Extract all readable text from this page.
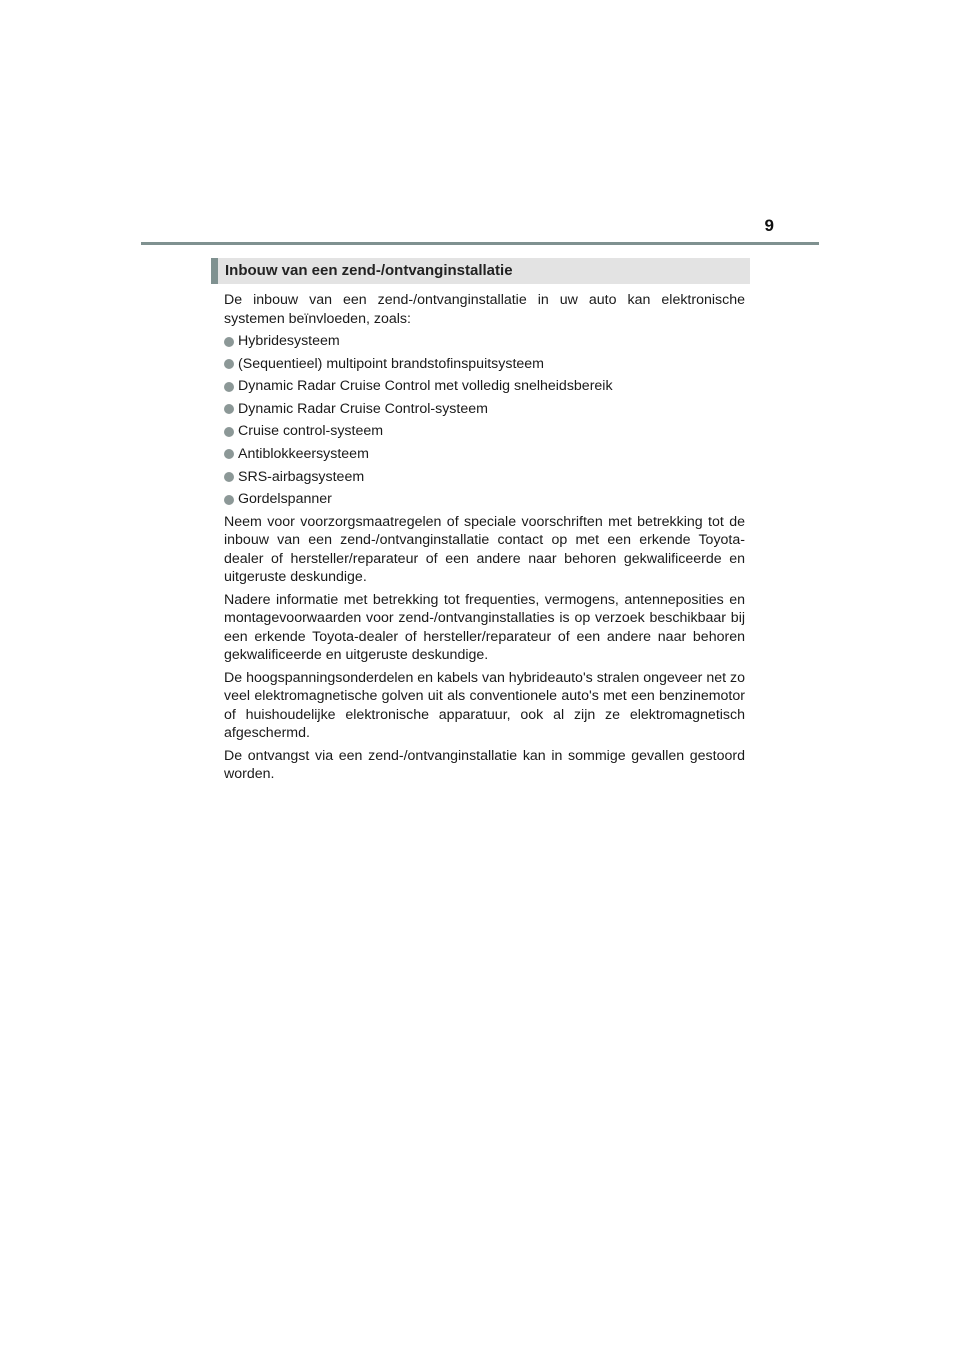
9
Inbouw van een zend-/ontvanginstallatie

De inbouw van een zend-/ontvanginstallatie in uw auto kan elektronische systemen beïnvloeden, zoals:

Hybridesysteem
(Sequentieel) multipoint brandstofinspuitsysteem
Dynamic Radar Cruise Control met volledig snelheidsbereik
Dynamic Radar Cruise Control-systeem
Cruise control-systeem
Antiblokkeersysteem
SRS-airbagsysteem
Gordelspanner

Neem voor voorzorgsmaatregelen of speciale voorschriften met betrekking tot de inbouw van een zend-/ontvanginstallatie contact op met een erkende Toyota-dealer of hersteller/reparateur of een andere naar behoren gekwalificeerde en uitgeruste deskundige.

Nadere informatie met betrekking tot frequenties, vermogens, antenneposities en montagevoorwaarden voor zend-/ontvanginstallaties is op verzoek beschikbaar bij een erkende Toyota-dealer of hersteller/reparateur of een andere naar behoren gekwalificeerde en uitgeruste deskundige.

De hoogspanningsonderdelen en kabels van hybrideauto's stralen ongeveer net zo veel elektromagnetische golven uit als conventionele auto's met een benzinemotor of huishoudelijke elektronische apparatuur, ook al zijn ze elektromagnetisch afgeschermd.

De ontvangst via een zend-/ontvanginstallatie kan in sommige gevallen gestoord worden.
